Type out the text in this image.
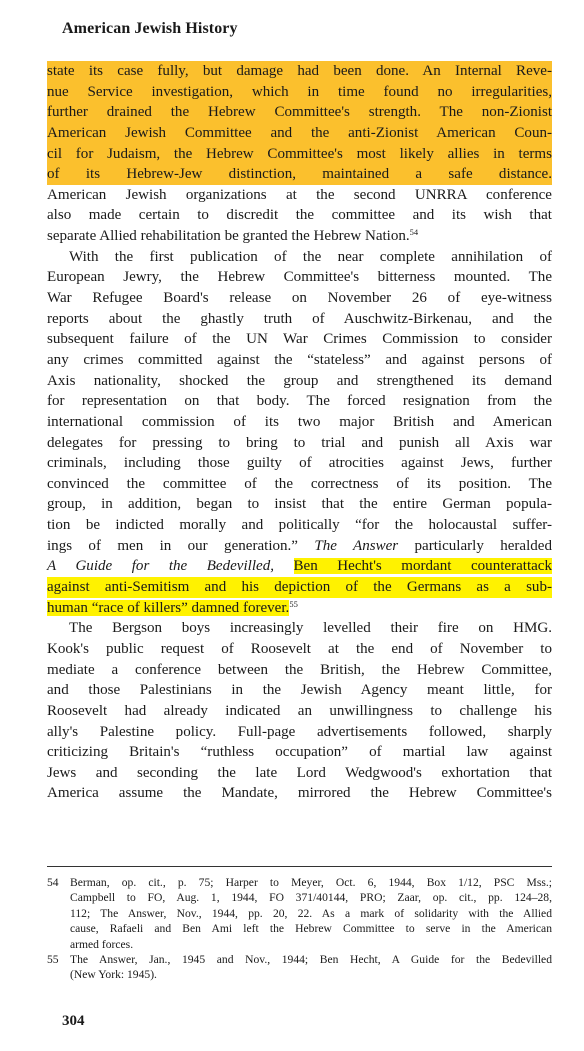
American Jewish History
state its case fully, but damage had been done. An Internal Reve-
nue Service investigation, which in time found no irregularities,
further drained the Hebrew Committee's strength. The non-Zionist
American Jewish Committee and the anti-Zionist American Coun-
cil for Judaism, the Hebrew Committee's most likely allies in terms
of its Hebrew-Jew distinction, maintained a safe distance.
American Jewish organizations at the second UNRRA conference
also made certain to discredit the committee and its wish that
separate Allied rehabilitation be granted the Hebrew Nation.$^{54}$
With the first publication of the near complete annihilation of
European Jewry, the Hebrew Committee's bitterness mounted. The
War Refugee Board's release on November 26 of eye-witness
reports about the ghastly truth of Auschwitz-Birkenau, and the
subsequent failure of the UN War Crimes Commission to consider
any crimes committed against the “stateless” and against persons of
Axis nationality, shocked the group and strengthened its demand
for representation on that body. The forced resignation from the
international commission of its two major British and American
delegates for pressing to bring to trial and punish all Axis war
criminals, including those guilty of atrocities against Jews, further
convinced the committee of the correctness of its position. The
group, in addition, began to insist that the entire German popula-
tion be indicted morally and politically “for the holocaustal suffer-
ings of men in our generation.” The Answer particularly heralded
A Guide for the Bedevilled, Ben Hecht's mordant counterattack
against anti-Semitism and his depiction of the Germans as a sub-
human “race of killers” damned forever.$^{55}$
The Bergson boys increasingly levelled their fire on HMG.
Kook's public request of Roosevelt at the end of November to
mediate a conference between the British, the Hebrew Committee,
and those Palestinians in the Jewish Agency meant little, for
Roosevelt had already indicated an unwillingness to challenge his
ally's Palestine policy. Full-page advertisements followed, sharply
criticizing Britain's “ruthless occupation” of martial law against
Jews and seconding the late Lord Wedgwood's exhortation that
America assume the Mandate, mirrored the Hebrew Committee's
54 Berman, op. cit., p. 75; Harper to Meyer, Oct. 6, 1944, Box 1/12, PSC Mss.;
Campbell to FO, Aug. 1, 1944, FO 371/40144, PRO; Zaar, op. cit., pp. 124–28,
112; The Answer, Nov., 1944, pp. 20, 22. As a mark of solidarity with the Allied
cause, Rafaeli and Ben Ami left the Hebrew Committee to serve in the American
armed forces.
55 The Answer, Jan., 1945 and Nov., 1944; Ben Hecht, A Guide for the Bedevilled
(New York: 1945).
304
